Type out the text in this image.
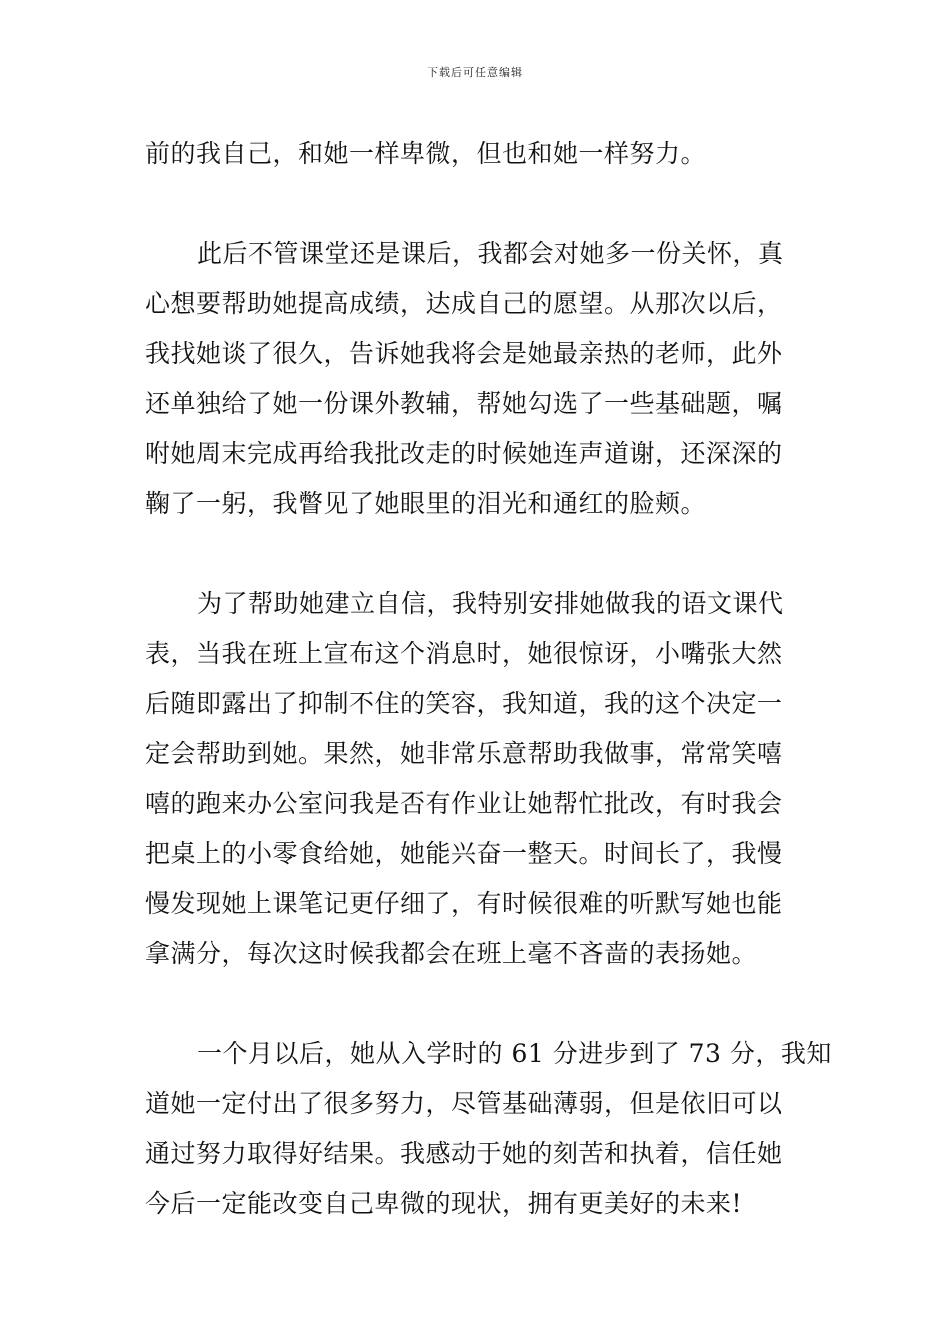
下载后可任意编辑
前的我自己，和她一样卑微，但也和她一样努力。
此后不管课堂还是课后，我都会对她多一份关怀，真
心想要帮助她提高成绩，达成自己的愿望。从那次以后，
我找她谈了很久，告诉她我将会是她最亲热的老师，此外
还单独给了她一份课外教辅，帮她勾选了一些基础题，嘱
咐她周末完成再给我批改走的时候她连声道谢，还深深的
鞠了一躬，我瞥见了她眼里的泪光和通红的脸颊。
为了帮助她建立自信，我特别安排她做我的语文课代
表，当我在班上宣布这个消息时，她很惊讶，小嘴张大然
后随即露出了抑制不住的笑容，我知道，我的这个决定一
定会帮助到她。果然，她非常乐意帮助我做事，常常笑嘻
嘻的跑来办公室问我是否有作业让她帮忙批改，有时我会
把桌上的小零食给她，她能兴奋一整天。时间长了，我慢
慢发现她上课笔记更仔细了，有时候很难的听默写她也能
拿满分，每次这时候我都会在班上毫不吝啬的表扬她。
一个月以后，她从入学时的 61 分进步到了 73 分，我知
道她一定付出了很多努力，尽管基础薄弱，但是依旧可以
通过努力取得好结果。我感动于她的刻苦和执着，信任她
今后一定能改变自己卑微的现状，拥有更美好的未来!
